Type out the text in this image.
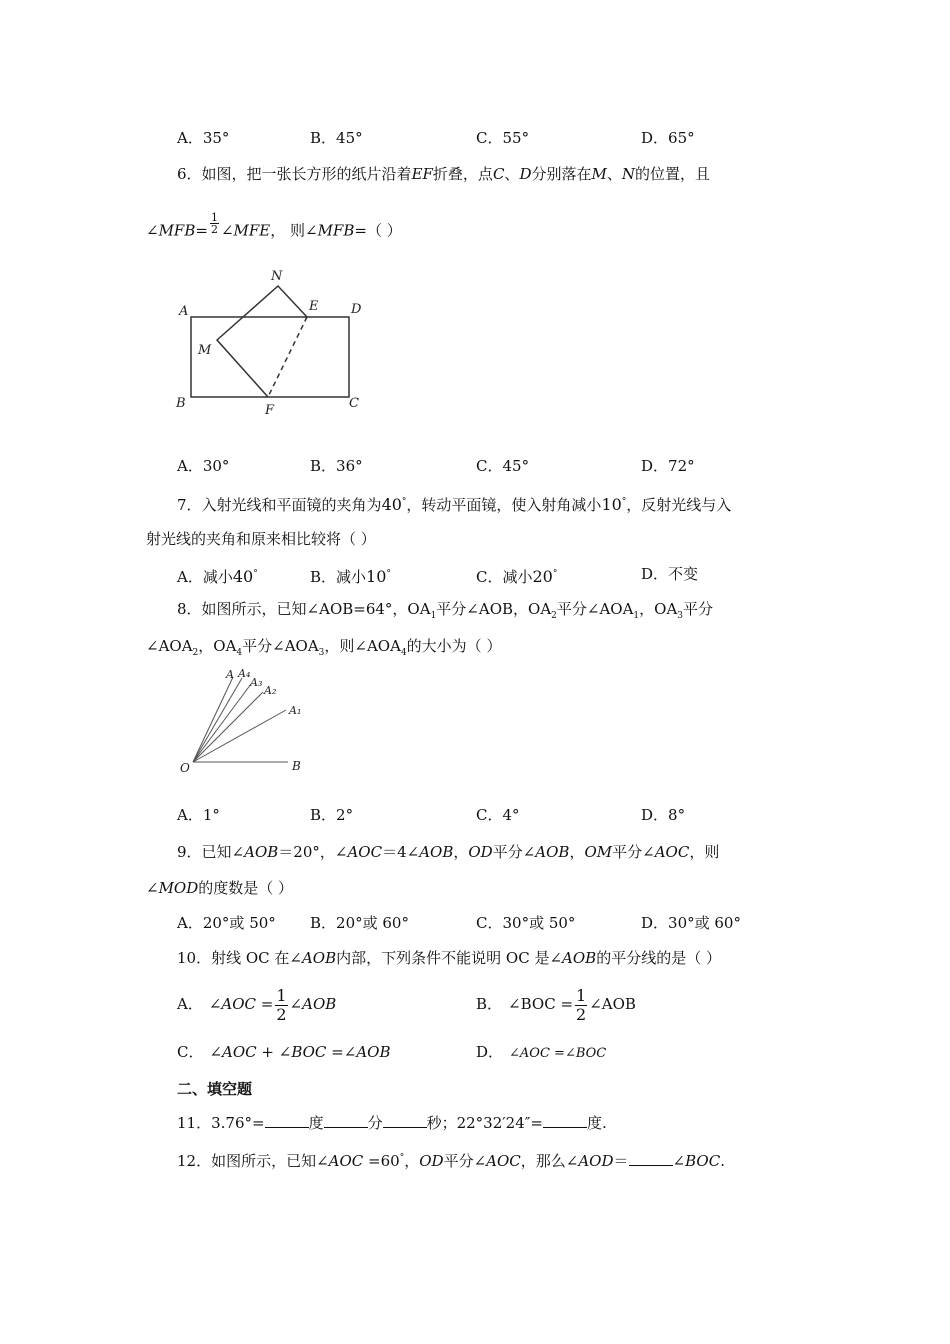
A．35°	B．45°	C．55°	D．65°
6．如图，把一张长方形的纸片沿着EF折叠，点C、D分别落在M、N的位置，且
∠MFB= $\frac{1}{2}$ ∠MFE， 则∠MFB=（ ）
A
B	C
D
E
F
M
N
A．30°	B．36°	C．45°	D．72°
7．入射光线和平面镜的夹角为40°，转动平面镜，使入射角减小10°，反射光线与入
射光线的夹角和原来相比较将（ ）
A．减小40°	B．减小10°	C．减小20°	D．不变
8．如图所示，已知∠AOB=64°，$OA_1$平分∠AOB，$OA_2$平分$\angle AOA_1$，$OA_3$平分
$\angle AOA_2$，$OA_4$平分$\angle AOA_3$，则$\angle AOA_4$的大小为（ ）
O	B
A₁
A₂
A₃
A₄
A
A．1°	B．2°	C．4°	D．8°
9．已知∠AOB＝20°，∠AOC＝4∠AOB，OD平分∠AOB，OM平分∠AOC，则
∠MOD的度数是（ ）
A．20°或 50° B．20°或 60°	C．30°或 50°	D．30°或 60°
10．射线 OC 在∠AOB内部，下列条件不能说明 OC 是∠AOB的平分线的是（ ）
A． ∠AOC = $\frac{1}{2}$ ∠AOB	B． ∠BOC = $\frac{1}{2}$ ∠AOB
C． ∠AOC + ∠BOC =∠AOB	D． ∠AOC =∠BOC
二、填空题
11．3.76°=	度	分	秒；22°32′24″=	度.
12．如图所示，已知∠AOC =60°，OD平分∠AOC，那么∠AOD＝	∠BOC.
